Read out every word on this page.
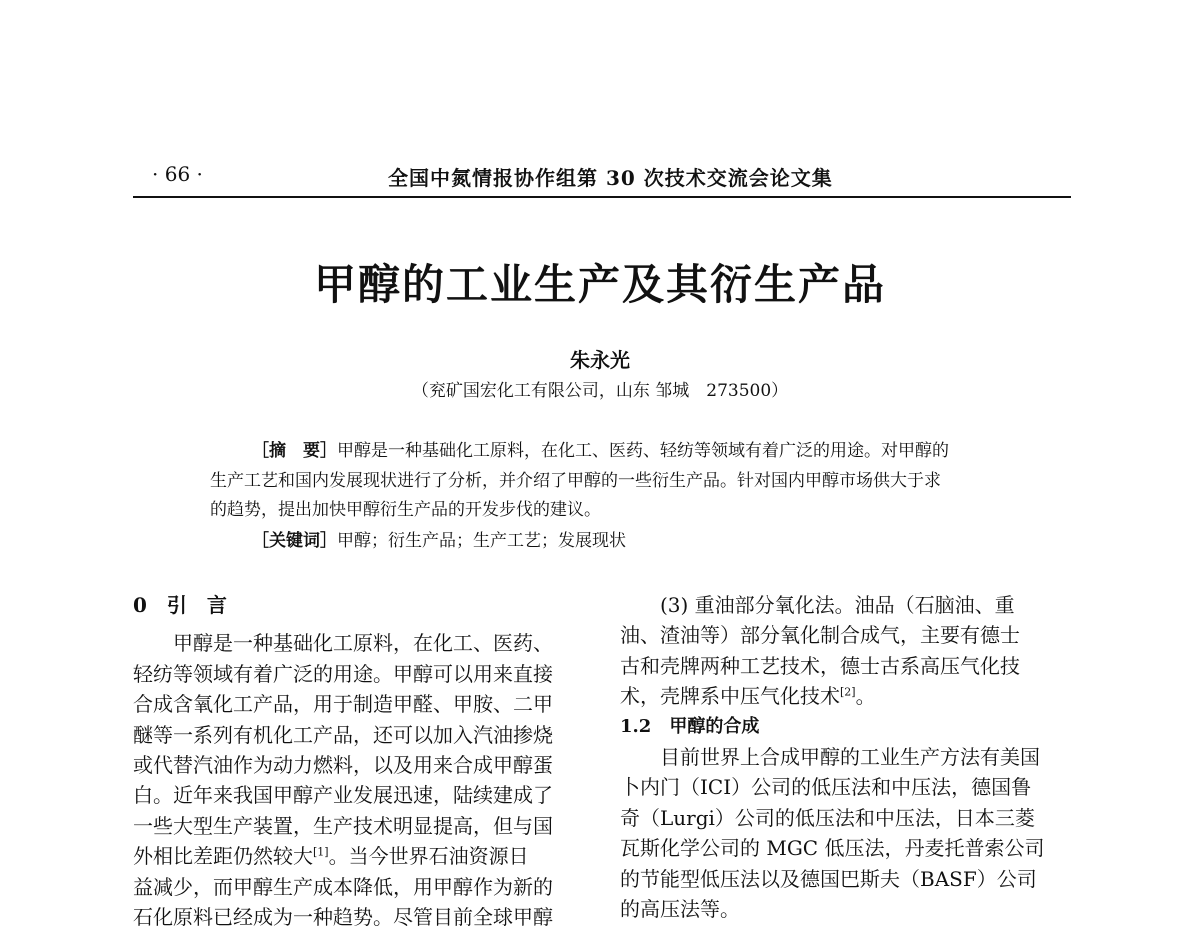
· 66 ·	全国中氮情报协作组第 30 次技术交流会论文集
甲醇的工业生产及其衍生产品
朱永光
（兖矿国宏化工有限公司，山东 邹城　273500）
［摘　要］甲醇是一种基础化工原料，在化工、医药、轻纺等领域有着广泛的用途。对甲醇的
生产工艺和国内发展现状进行了分析，并介绍了甲醇的一些衍生产品。针对国内甲醇市场供大于求
的趋势，提出加快甲醇衍生产品的开发步伐的建议。
［关键词］甲醇；衍生产品；生产工艺；发展现状

0　引　言

　　甲醇是一种基础化工原料，在化工、医药、

轻纺等领域有着广泛的用途。甲醇可以用来直接

合成含氧化工产品，用于制造甲醛、甲胺、二甲

醚等一系列有机化工产品，还可以加入汽油掺烧

或代替汽油作为动力燃料，以及用来合成甲醇蛋

白。近年来我国甲醇产业发展迅速，陆续建成了

一些大型生产装置，生产技术明显提高，但与国

外相比差距仍然较大[1]。当今世界石油资源日

益减少，而甲醇生产成本降低，用甲醇作为新的

石化原料已经成为一种趋势。尽管目前全球甲醇

　　(3) 重油部分氧化法。油品（石脑油、重

油、渣油等）部分氧化制合成气，主要有德士

古和壳牌两种工艺技术，德士古系高压气化技

术，壳牌系中压气化技术[2]。

1.2　甲醇的合成

　　目前世界上合成甲醇的工业生产方法有美国

卜内门（ICI）公司的低压法和中压法，德国鲁

奇（Lurgi）公司的低压法和中压法，日本三菱

瓦斯化学公司的 MGC 低压法，丹麦托普索公司

的节能型低压法以及德国巴斯夫（BASF）公司

的高压法等。
